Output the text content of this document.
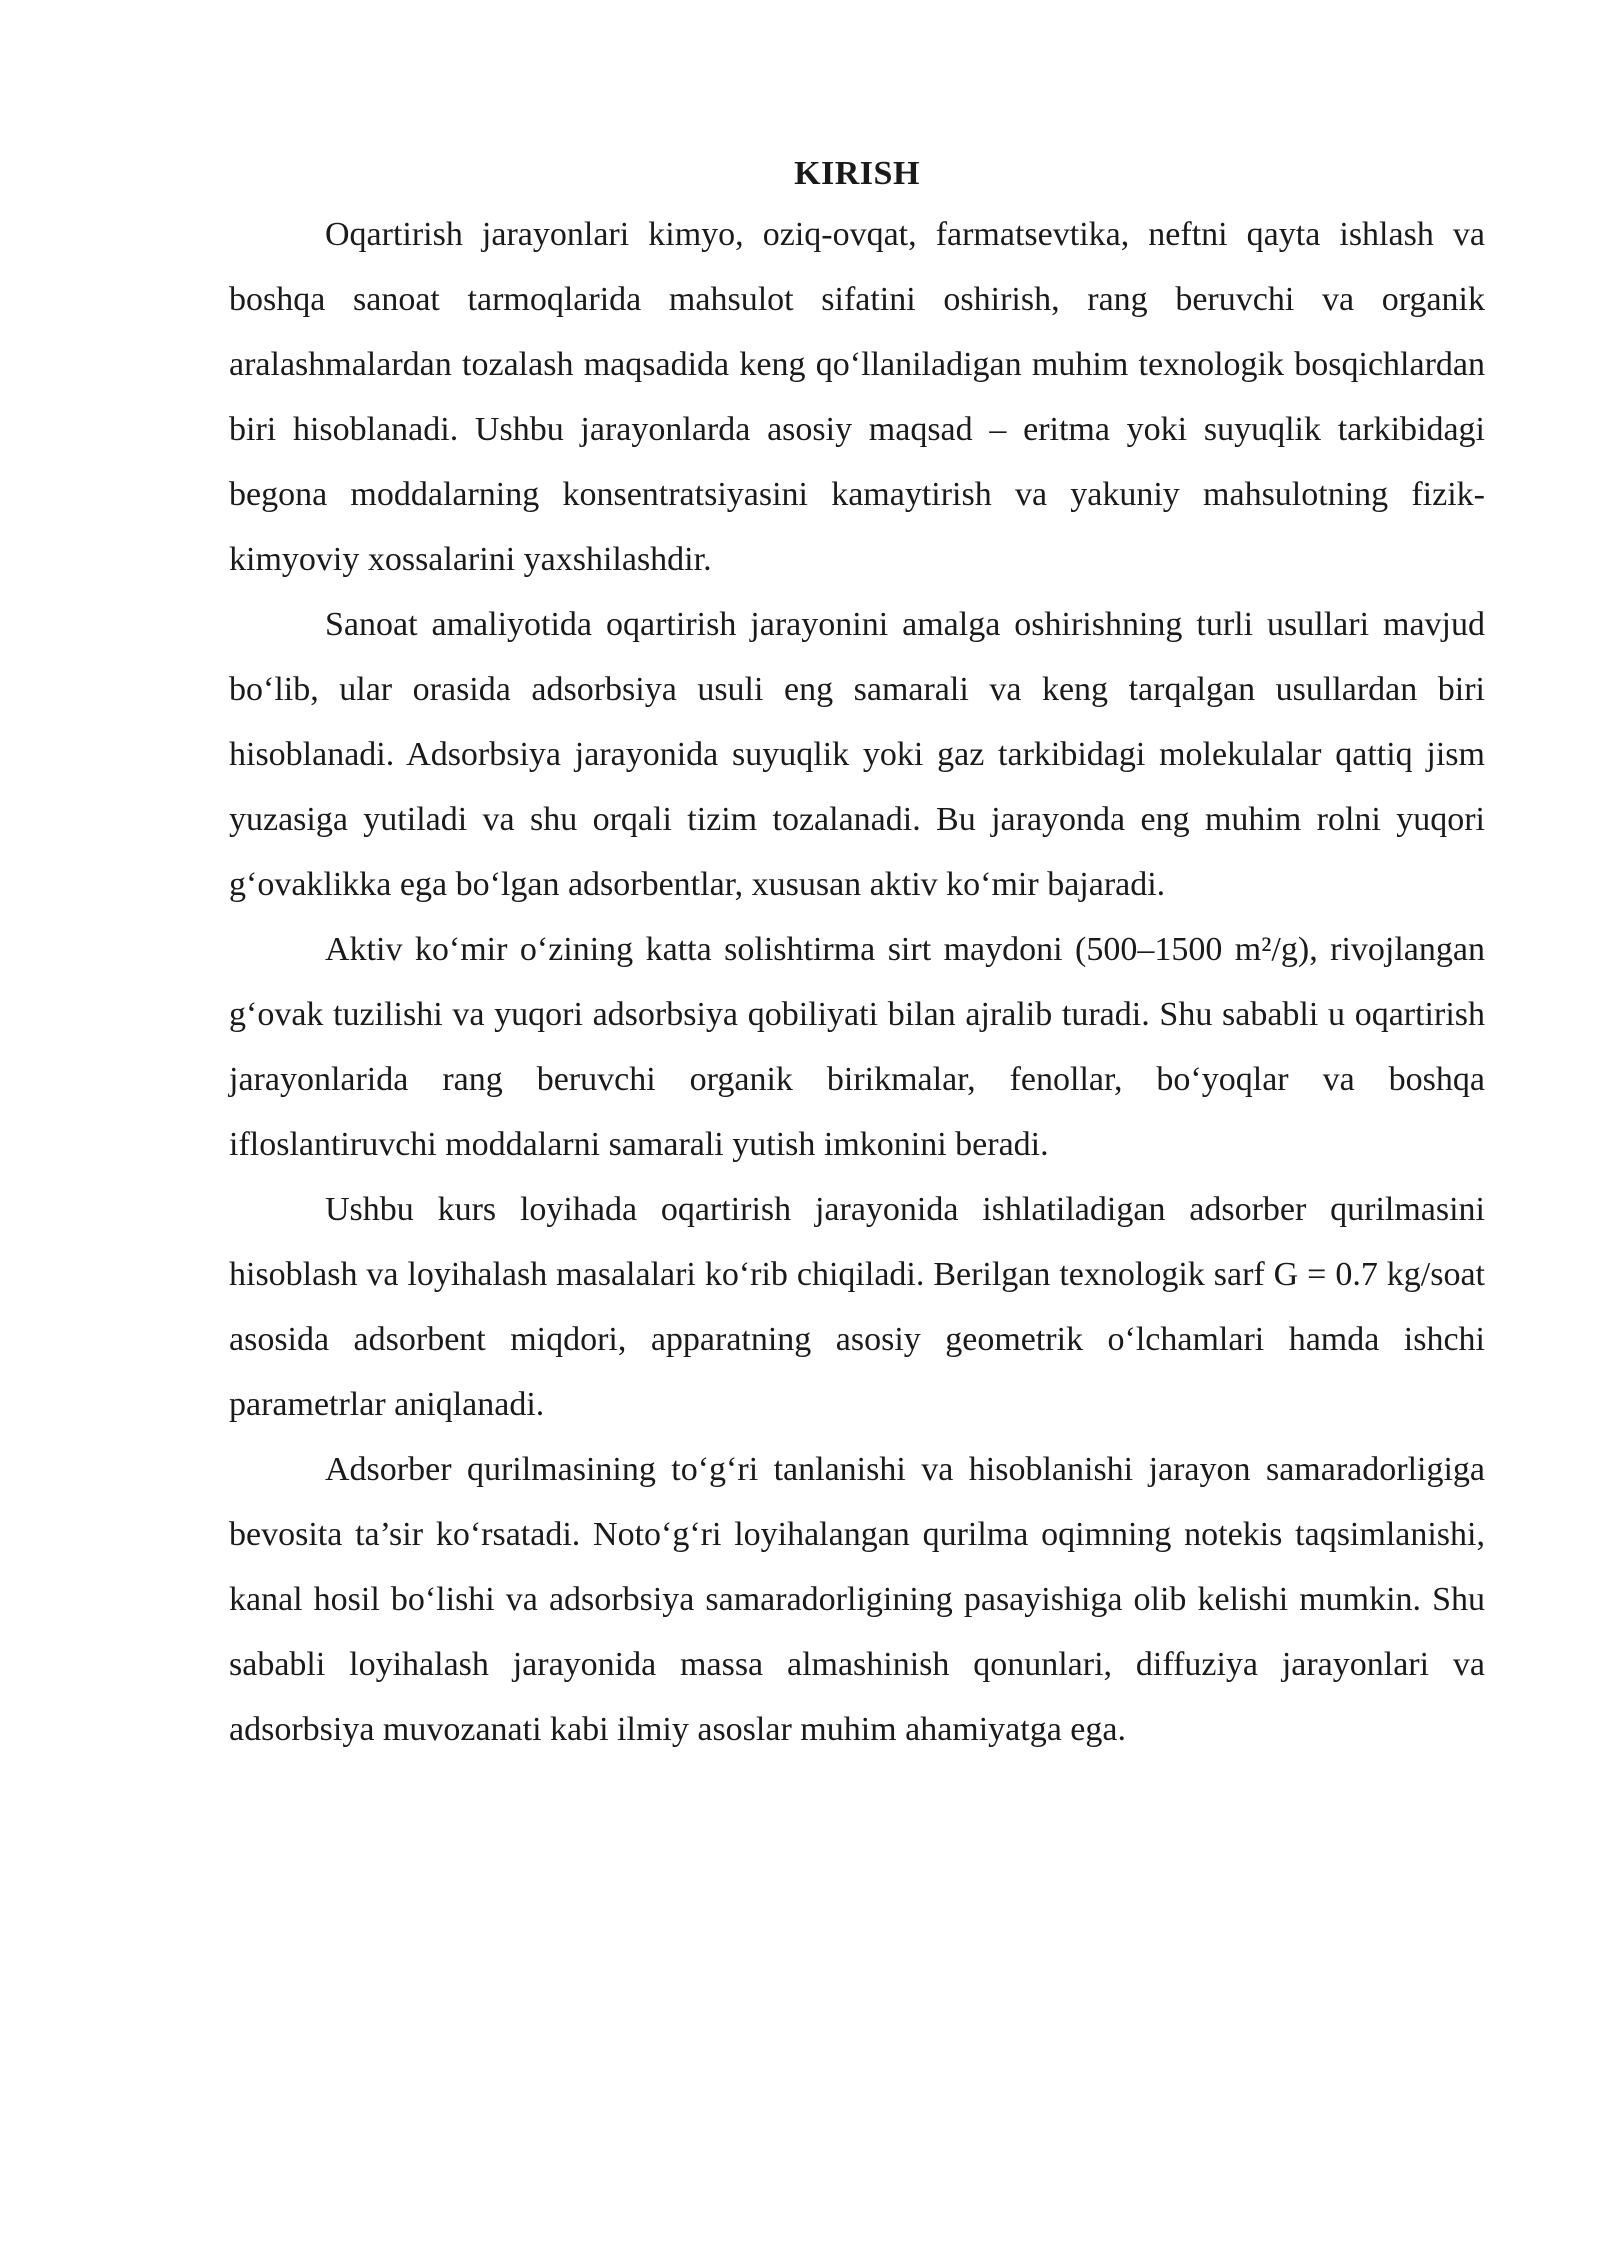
KIRISH

Oqartirish jarayonlari kimyo, oziq-ovqat, farmatsevtika, neftni qayta ishlash va boshqa sanoat tarmoqlarida mahsulot sifatini oshirish, rang beruvchi va organik aralashmalardan tozalash maqsadida keng qo‘llaniladigan muhim texnologik bosqichlardan biri hisoblanadi. Ushbu jarayonlarda asosiy maqsad – eritma yoki suyuqlik tarkibidagi begona moddalarning konsentratsiyasini kamaytirish va yakuniy mahsulotning fizik-kimyoviy xossalarini yaxshilashdir.

Sanoat amaliyotida oqartirish jarayonini amalga oshirishning turli usullari mavjud bo‘lib, ular orasida adsorbsiya usuli eng samarali va keng tarqalgan usullardan biri hisoblanadi. Adsorbsiya jarayonida suyuqlik yoki gaz tarkibidagi molekulalar qattiq jism yuzasiga yutiladi va shu orqali tizim tozalanadi. Bu jarayonda eng muhim rolni yuqori g‘ovaklikka ega bo‘lgan adsorbentlar, xususan aktiv ko‘mir bajaradi.

Aktiv ko‘mir o‘zining katta solishtirma sirt maydoni (500–1500 m²/g), rivojlangan g‘ovak tuzilishi va yuqori adsorbsiya qobiliyati bilan ajralib turadi. Shu sababli u oqartirish jarayonlarida rang beruvchi organik birikmalar, fenollar, bo‘yoqlar va boshqa ifloslantiruvchi moddalarni samarali yutish imkonini beradi.

Ushbu kurs loyihada oqartirish jarayonida ishlatiladigan adsorber qurilmasini hisoblash va loyihalash masalalari ko‘rib chiqiladi. Berilgan texnologik sarf G = 0.7 kg/soat asosida adsorbent miqdori, apparatning asosiy geometrik o‘lchamlari hamda ishchi parametrlar aniqlanadi.

Adsorber qurilmasining to‘g‘ri tanlanishi va hisoblanishi jarayon samaradorligiga bevosita ta’sir ko‘rsatadi. Noto‘g‘ri loyihalangan qurilma oqimning notekis taqsimlanishi, kanal hosil bo‘lishi va adsorbsiya samaradorligining pasayishiga olib kelishi mumkin. Shu sababli loyihalash jarayonida massa almashinish qonunlari, diffuziya jarayonlari va adsorbsiya muvozanati kabi ilmiy asoslar muhim ahamiyatga ega.
